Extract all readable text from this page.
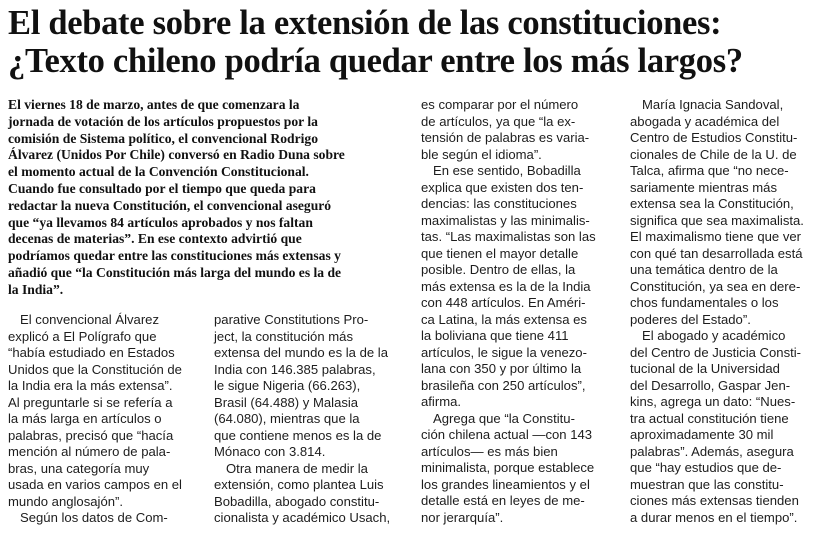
El debate sobre la extensión de las constituciones:
¿Texto chileno podría quedar entre los más largos?
El viernes 18 de marzo, antes de que comenzara la
jornada de votación de los artículos propuestos por la
comisión de Sistema político, el convencional Rodrigo
Álvarez (Unidos Por Chile) conversó en Radio Duna sobre
el momento actual de la Convención Constitucional.
Cuando fue consultado por el tiempo que queda para
redactar la nueva Constitución, el convencional aseguró
que “ya llevamos 84 artículos aprobados y nos faltan
decenas de materias”. En ese contexto advirtió que
podríamos quedar entre las constituciones más extensas y
añadió que “la Constitución más larga del mundo es la de
la India”.
El convencional Álvarez
explicó a El Polígrafo que
“había estudiado en Estados
Unidos que la Constitución de
la India era la más extensa”.
Al preguntarle si se refería a
la más larga en artículos o
palabras, precisó que “hacía
mención al número de pala-
bras, una categoría muy
usada en varios campos en el
mundo anglosajón”.
Según los datos de Com-
parative Constitutions Pro-
ject, la constitución más
extensa del mundo es la de la
India con 146.385 palabras,
le sigue Nigeria (66.263),
Brasil (64.488) y Malasia
(64.080), mientras que la
que contiene menos es la de
Mónaco con 3.814.
Otra manera de medir la
extensión, como plantea Luis
Bobadilla, abogado constitu-
cionalista y académico Usach,
es comparar por el número
de artículos, ya que “la ex-
tensión de palabras es varia-
ble según el idioma”.
En ese sentido, Bobadilla
explica que existen dos ten-
dencias: las constituciones
maximalistas y las minimalis-
tas. “Las maximalistas son las
que tienen el mayor detalle
posible. Dentro de ellas, la
más extensa es la de la India
con 448 artículos. En Améri-
ca Latina, la más extensa es
la boliviana que tiene 411
artículos, le sigue la venezo-
lana con 350 y por último la
brasileña con 250 artículos”,
afirma.
Agrega que “la Constitu-
ción chilena actual —con 143
artículos— es más bien
minimalista, porque establece
los grandes lineamientos y el
detalle está en leyes de me-
nor jerarquía”.
María Ignacia Sandoval,
abogada y académica del
Centro de Estudios Constitu-
cionales de Chile de la U. de
Talca, afirma que “no nece-
sariamente mientras más
extensa sea la Constitución,
significa que sea maximalista.
El maximalismo tiene que ver
con qué tan desarrollada está
una temática dentro de la
Constitución, ya sea en dere-
chos fundamentales o los
poderes del Estado”.
El abogado y académico
del Centro de Justicia Consti-
tucional de la Universidad
del Desarrollo, Gaspar Jen-
kins, agrega un dato: “Nues-
tra actual constitución tiene
aproximadamente 30 mil
palabras”. Además, asegura
que “hay estudios que de-
muestran que las constitu-
ciones más extensas tienden
a durar menos en el tiempo”.
